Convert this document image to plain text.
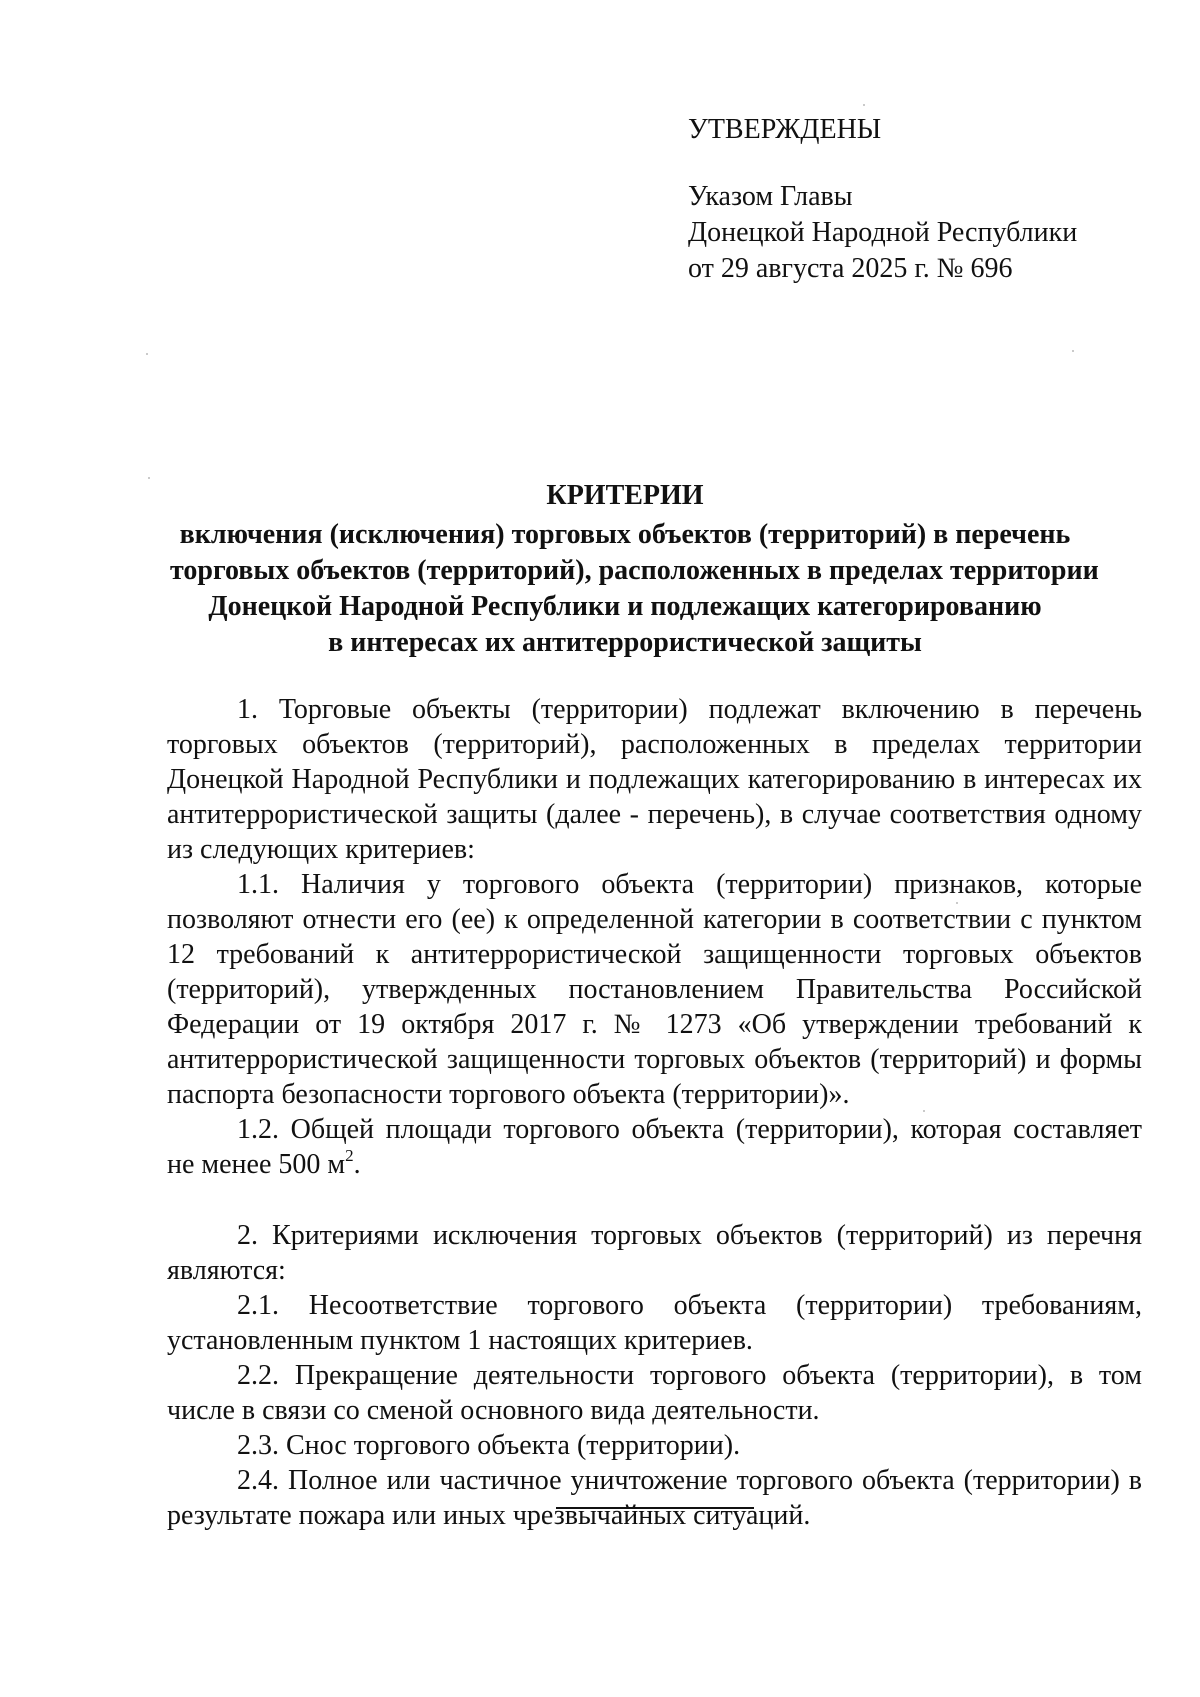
УТВЕРЖДЕНЫ

Указом Главы

Донецкой Народной Республики

от 29 августа 2025 г. № 696

КРИТЕРИИ

включения (исключения) торговых объектов (территорий) в перечень

торговых объектов (территорий), расположенных в пределах территории

Донецкой Народной Республики и подлежащих категорированию

в интересах их антитеррористической защиты

1. Торговые объекты (территории) подлежат включению в перечень торговых объектов (территорий), расположенных в пределах территории Донецкой Народной Республики и подлежащих категорированию в интересах их антитеррористической защиты (далее - перечень), в случае соответствия одному из следующих критериев:

1.1. Наличия у торгового объекта (территории) признаков, которые позволяют отнести его (ее) к определенной категории в соответствии с пунктом 12 требований к антитеррористической защищенности торговых объектов (территорий), утвержденных постановлением Правительства Российской Федерации от 19 октября 2017 г. № 1273 «Об утверждении требований к антитеррористической защищенности торговых объектов (территорий) и формы паспорта безопасности торгового объекта (территории)».

1.2. Общей площади торгового объекта (территории), которая составляет не менее 500 $м^2$.

2. Критериями исключения торговых объектов (территорий) из перечня являются:

2.1. Несоответствие торгового объекта (территории) требованиям, установленным пунктом 1 настоящих критериев.

2.2. Прекращение деятельности торгового объекта (территории), в том числе в связи со сменой основного вида деятельности.

2.3. Снос торгового объекта (территории).

2.4. Полное или частичное уничтожение торгового объекта (территории) в результате пожара или иных чрезвычайных ситуаций.
